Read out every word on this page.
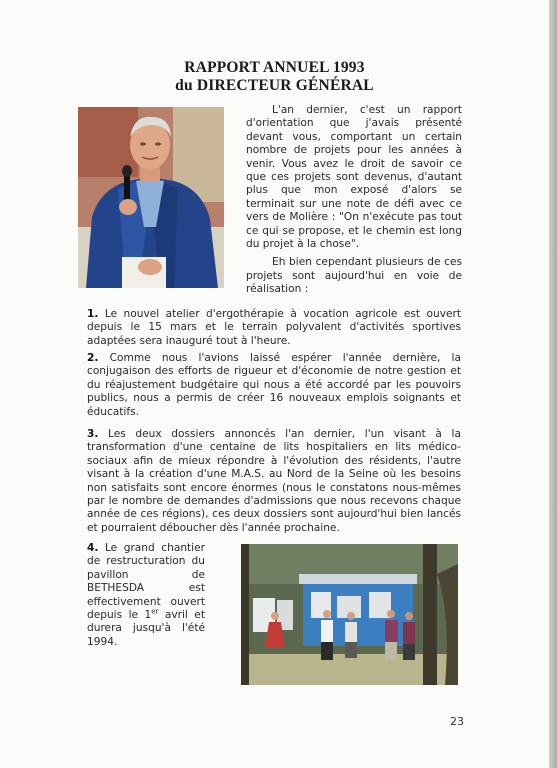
RAPPORT ANNUEL 1993
du DIRECTEUR GÉNÉRAL

L'an dernier, c'est un rapport d'orientation que j'avais présenté devant vous, comportant un certain nombre de projets pour les années à venir. Vous avez le droit de savoir ce que ces projets sont devenus, d'autant plus que mon exposé d'alors se terminait sur une note de défi avec ce vers de Molière : "On n'exécute pas tout ce qui se propose, et le chemin est long du projet à la chose".

Eh bien cependant plusieurs de ces projets sont aujourd'hui en voie de réalisation :

1. Le nouvel atelier d'ergothérapie à vocation agricole est ouvert depuis le 15 mars et le terrain polyvalent d'activités sportives adaptées sera inauguré tout à l'heure.
2. Comme nous l'avions laissé espérer l'année dernière, la conjugaison des efforts de rigueur et d'économie de notre gestion et du réajustement budgétaire qui nous a été accordé par les pouvoirs publics, nous a permis de créer 16 nouveaux emplois soignants et éducatifs.
3. Les deux dossiers annoncés l'an dernier, l'un visant à la transformation d'une centaine de lits hospitaliers en lits médico-sociaux afin de mieux répondre à l'évolution des résidents, l'autre visant à la création d'une M.A.S. au Nord de la Seine où les besoins non satisfaits sont encore énormes (nous le constatons nous-mêmes par le nombre de demandes d'admissions que nous recevons chaque année de ces régions), ces deux dossiers sont aujourd'hui bien lancés et pourraient déboucher dès l'année prochaine.
4. Le grand chantier de restructuration du pavillon de BETHESDA est effectivement ouvert depuis le 1er avril et durera jusqu'à l'été 1994.
23
